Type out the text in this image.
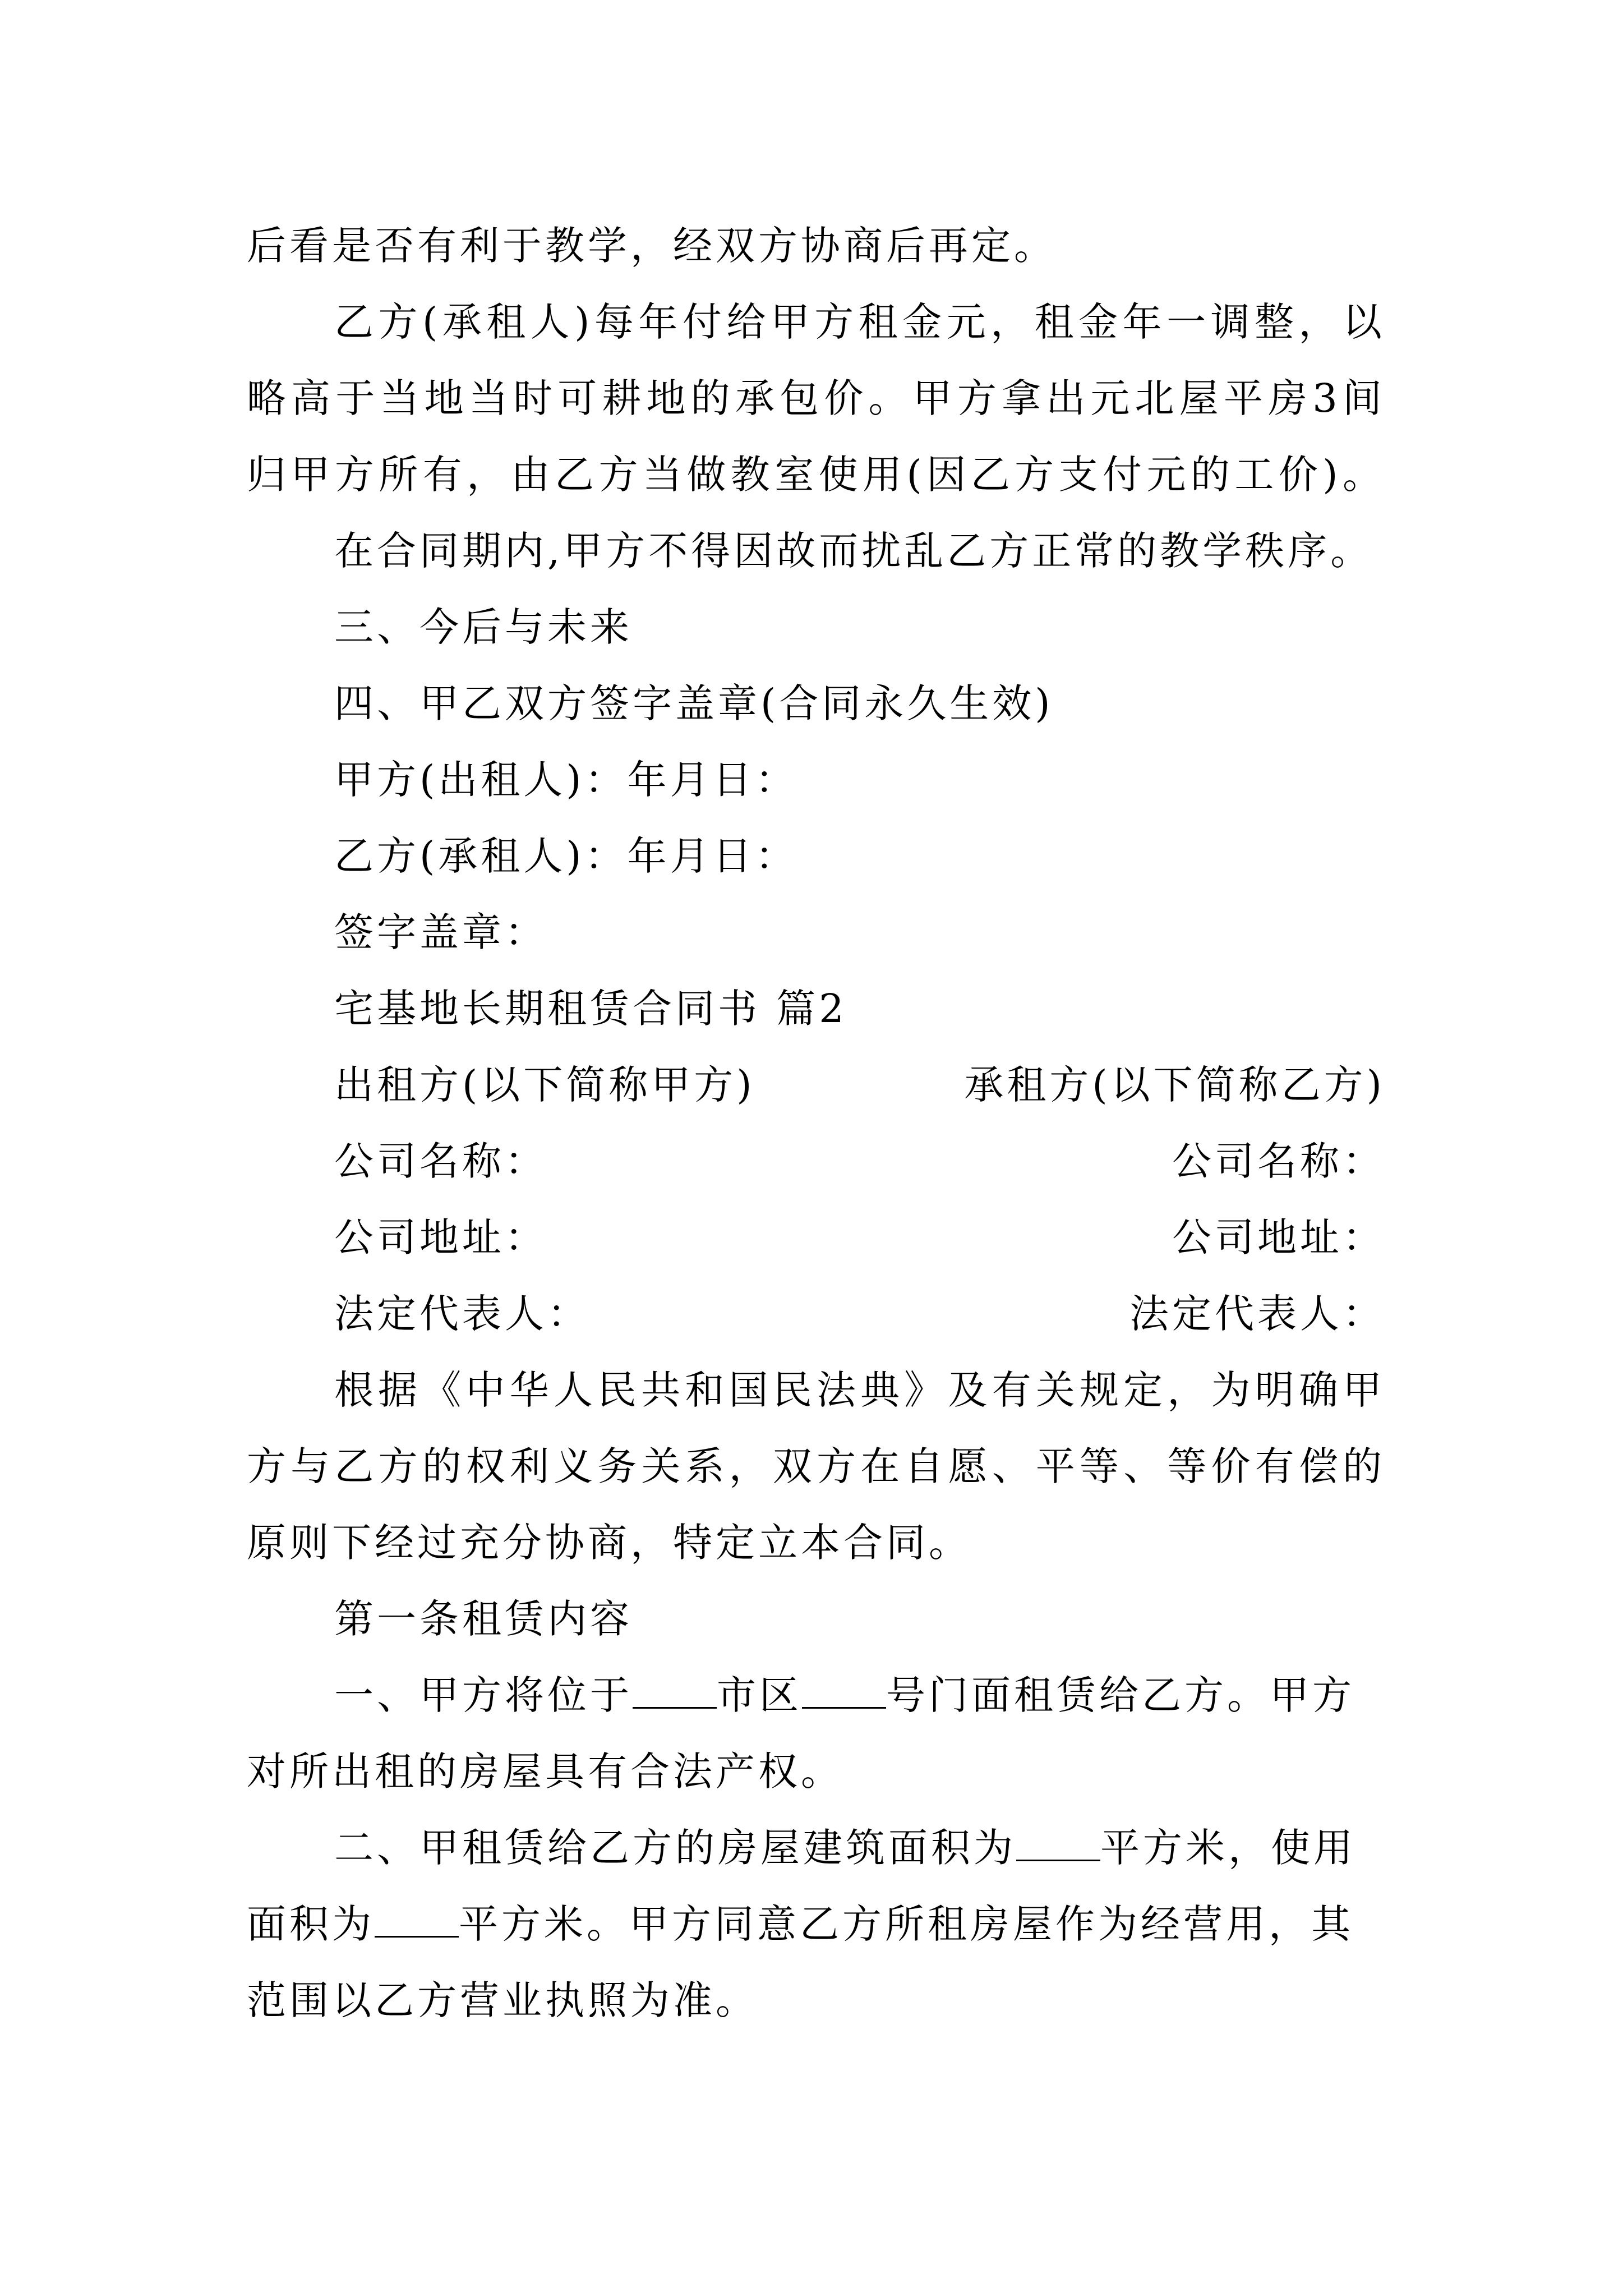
后看是否有利于教学，经双方协商后再定。

乙方(承租人)每年付给甲方租金元，租金年一调整，以

略高于当地当时可耕地的承包价。甲方拿出元北屋平房3间

归甲方所有，由乙方当做教室使用(因乙方支付元的工价)。

在合同期内,甲方不得因故而扰乱乙方正常的教学秩序。

三、今后与未来

四、甲乙双方签字盖章(合同永久生效)

甲方(出租人)：年月日：

乙方(承租人)：年月日：

签字盖章：

宅基地长期租赁合同书 篇2

出租方(以下简称甲方)	承租方(以下简称乙方)
公司名称：	公司名称：
公司地址：	公司地址：
法定代表人：	法定代表人：

根据《中华人民共和国民法典》及有关规定，为明确甲

方与乙方的权利义务关系，双方在自愿、平等、等价有偿的

原则下经过充分协商，特定立本合同。

第一条租赁内容

一、甲方将位于 市区 号门面租赁给乙方。甲方

对所出租的房屋具有合法产权。

二、甲租赁给乙方的房屋建筑面积为 平方米，使用

面积为 平方米。甲方同意乙方所租房屋作为经营用，其

范围以乙方营业执照为准。
